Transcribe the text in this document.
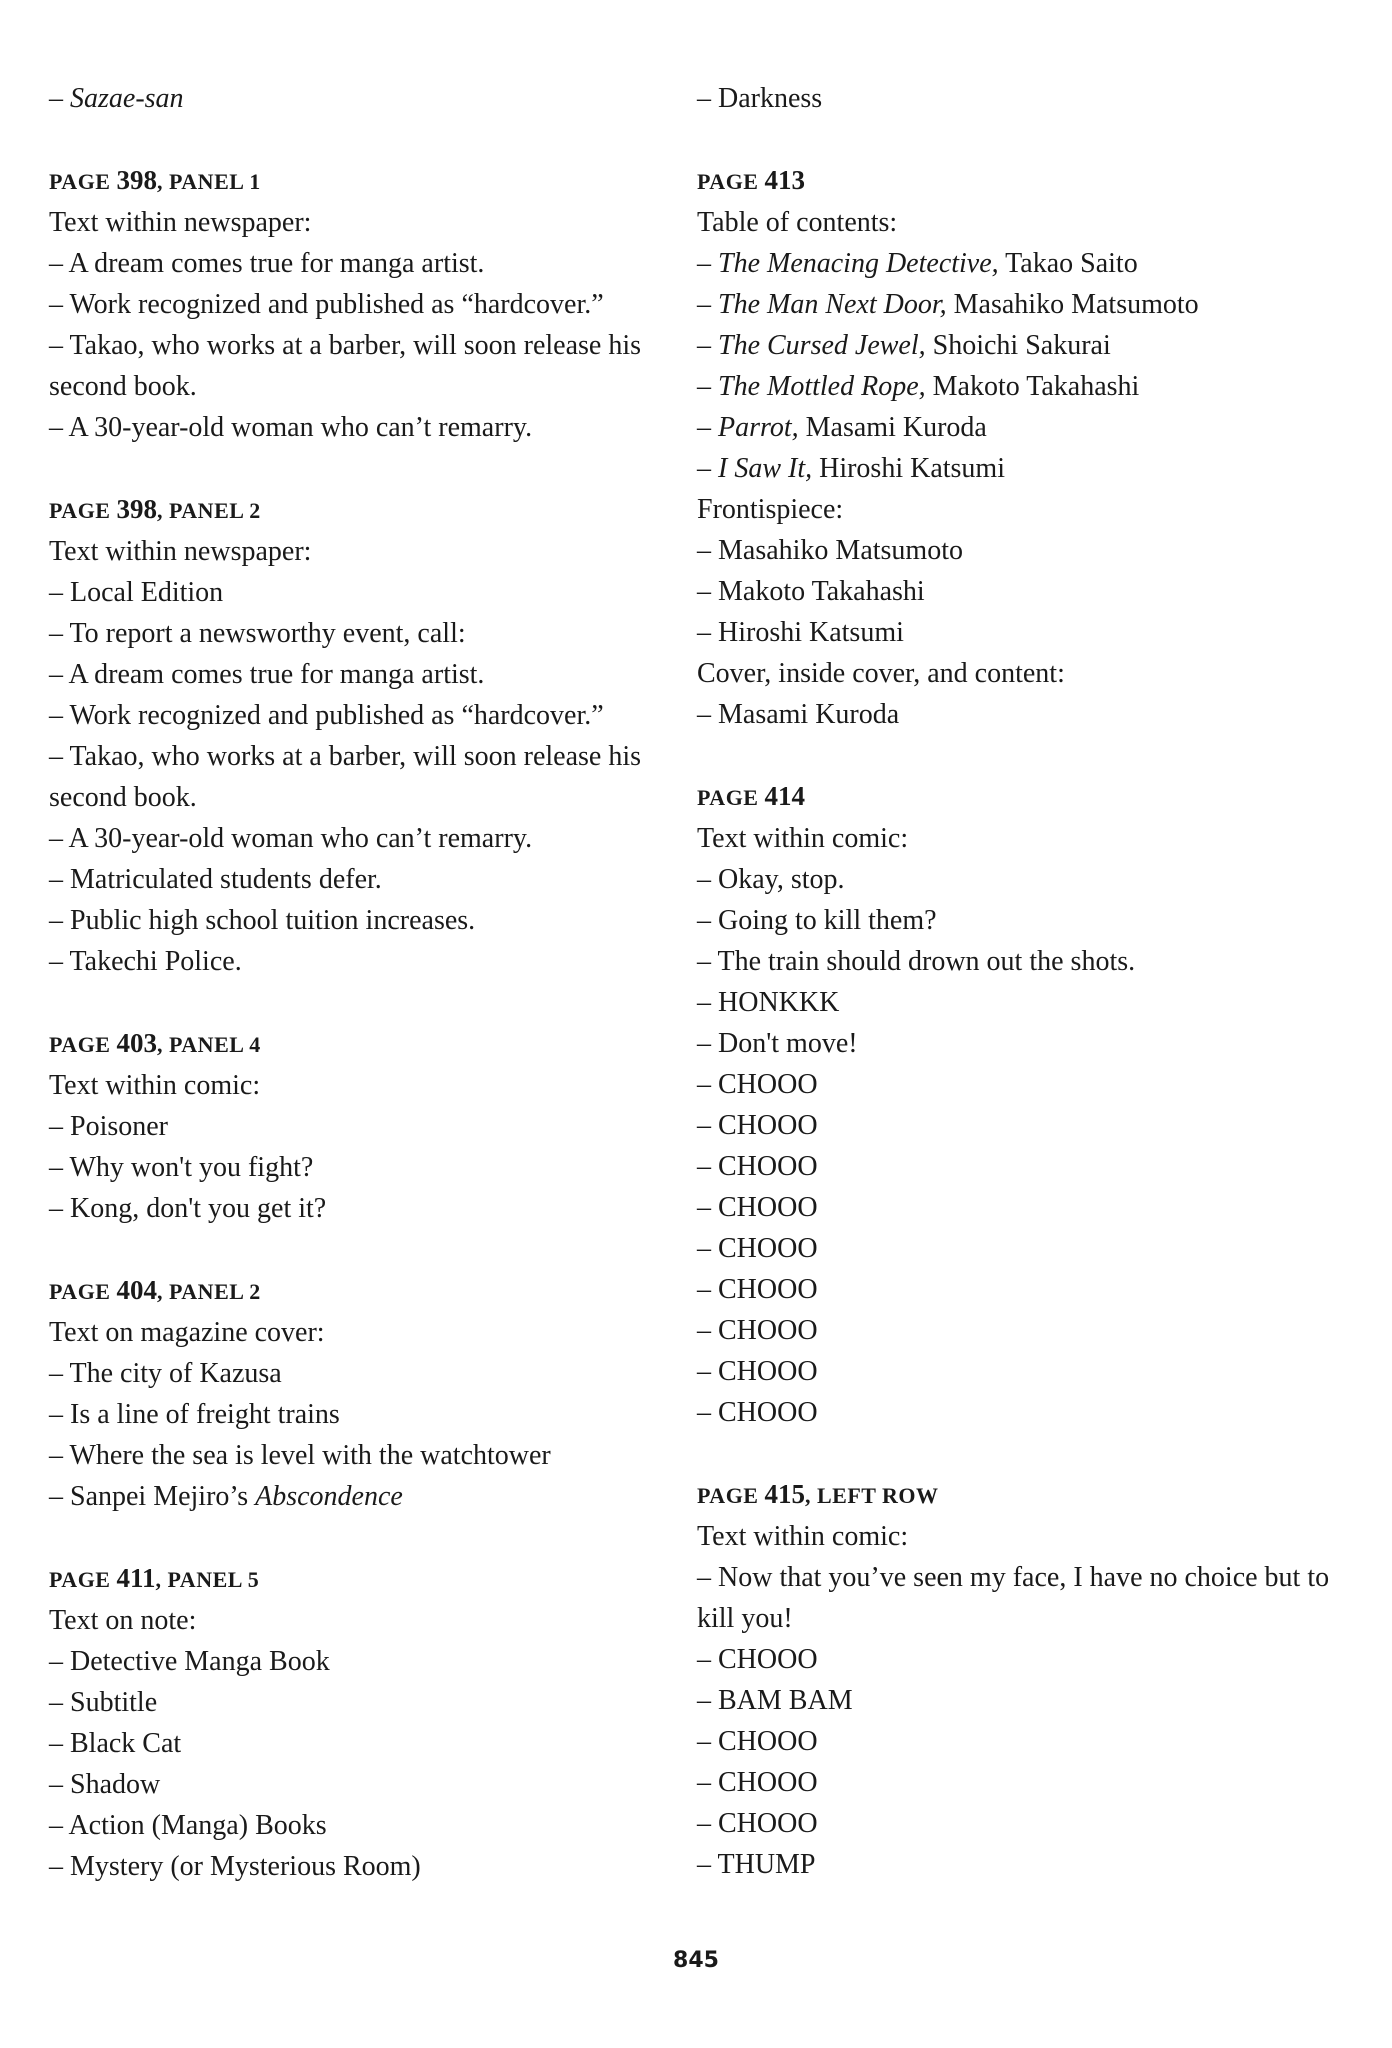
– Sazae-san
PAGE 398, PANEL 1
Text within newspaper:
– A dream comes true for manga artist.
– Work recognized and published as “hardcover.”
– Takao, who works at a barber, will soon release his second book.
– A 30-year-old woman who can’t remarry.
PAGE 398, PANEL 2
Text within newspaper:
– Local Edition
– To report a newsworthy event, call:
– A dream comes true for manga artist.
– Work recognized and published as “hardcover.”
– Takao, who works at a barber, will soon release his second book.
– A 30-year-old woman who can’t remarry.
– Matriculated students defer.
– Public high school tuition increases.
– Takechi Police.
PAGE 403, PANEL 4
Text within comic:
– Poisoner
– Why won't you fight?
– Kong, don't you get it?
PAGE 404, PANEL 2
Text on magazine cover:
– The city of Kazusa
– Is a line of freight trains
– Where the sea is level with the watchtower
– Sanpei Mejiro’s Abscondence
PAGE 411, PANEL 5
Text on note:
– Detective Manga Book
– Subtitle
– Black Cat
– Shadow
– Action (Manga) Books
– Mystery (or Mysterious Room)
– Darkness
PAGE 413
Table of contents:
– The Menacing Detective, Takao Saito
– The Man Next Door, Masahiko Matsumoto
– The Cursed Jewel, Shoichi Sakurai
– The Mottled Rope, Makoto Takahashi
– Parrot, Masami Kuroda
– I Saw It, Hiroshi Katsumi
Frontispiece:
– Masahiko Matsumoto
– Makoto Takahashi
– Hiroshi Katsumi
Cover, inside cover, and content:
– Masami Kuroda
PAGE 414
Text within comic:
– Okay, stop.
– Going to kill them?
– The train should drown out the shots.
– HONKKK
– Don't move!
– CHOOO
– CHOOO
– CHOOO
– CHOOO
– CHOOO
– CHOOO
– CHOOO
– CHOOO
– CHOOO
PAGE 415, LEFT ROW
Text within comic:
– Now that you’ve seen my face, I have no choice but to kill you!
– CHOOO
– BAM BAM
– CHOOO
– CHOOO
– CHOOO
– THUMP
845
